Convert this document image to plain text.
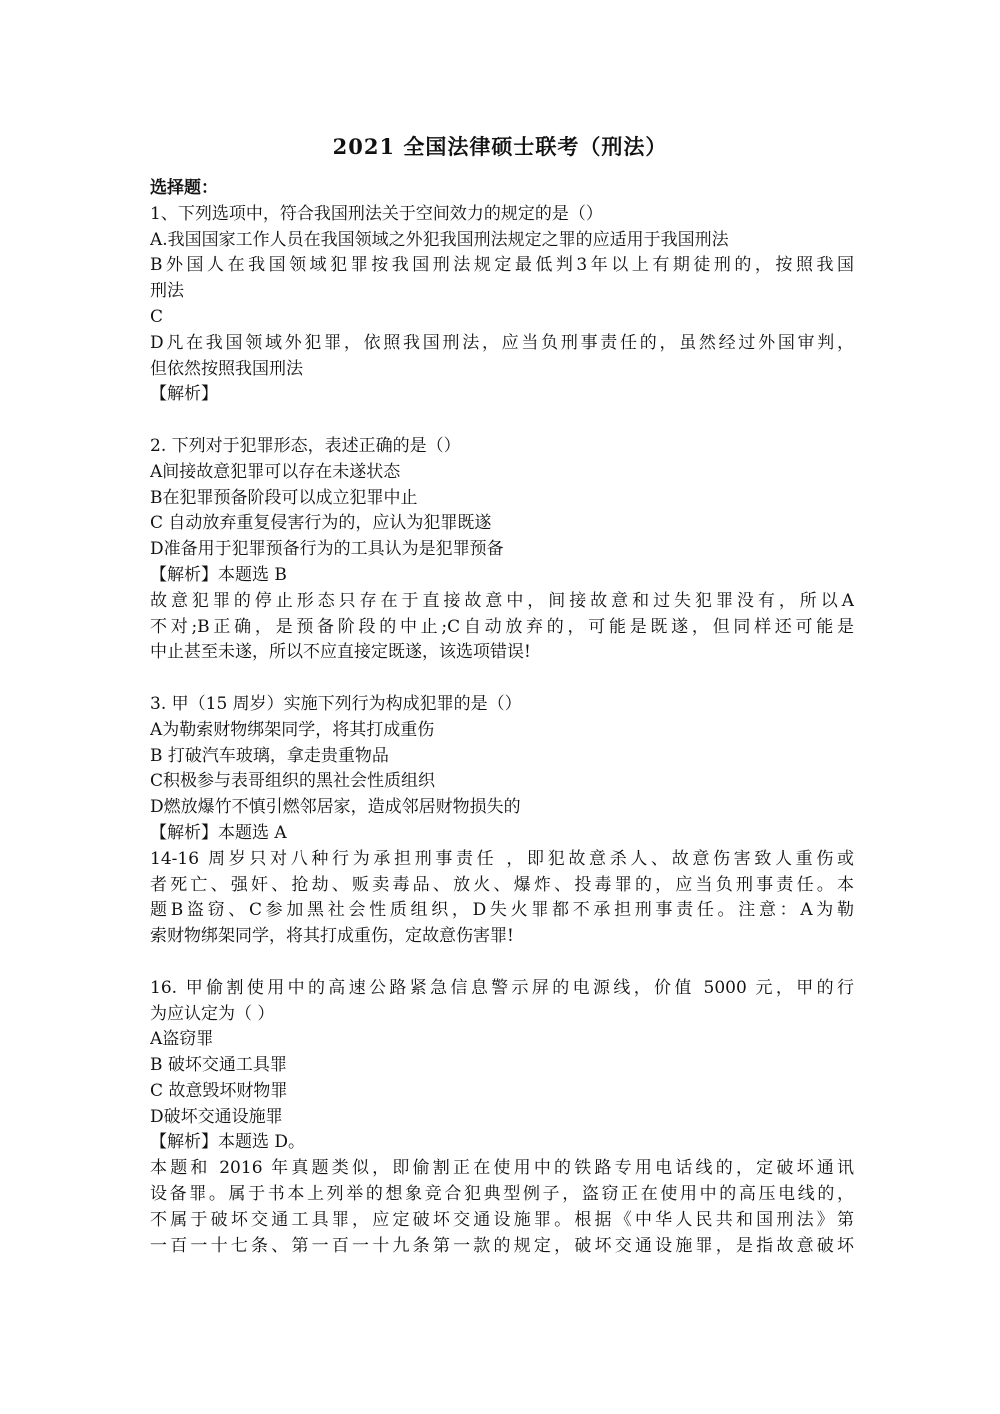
2021 全国法律硕士联考（刑法）
选择题：
1、下列选项中，符合我国刑法关于空间效力的规定的是（）
A.我国国家工作人员在我国领域之外犯我国刑法规定之罪的应适用于我国刑法
B外国人在我国领域犯罪按我国刑法规定最低判3年以上有期徒刑的，按照我国
刑法
C
D凡在我国领域外犯罪，依照我国刑法，应当负刑事责任的，虽然经过外国审判，
但依然按照我国刑法
【解析】
2. 下列对于犯罪形态，表述正确的是（）
A间接故意犯罪可以存在未遂状态
B在犯罪预备阶段可以成立犯罪中止
C 自动放弃重复侵害行为的，应认为犯罪既遂
D准备用于犯罪预备行为的工具认为是犯罪预备
【解析】本题选 B
故意犯罪的停止形态只存在于直接故意中，间接故意和过失犯罪没有，所以A
不对;B正确，是预备阶段的中止;C自动放弃的，可能是既遂，但同样还可能是
中止甚至未遂，所以不应直接定既遂，该选项错误!
3. 甲（15 周岁）实施下列行为构成犯罪的是（）
A为勒索财物绑架同学，将其打成重伤
B 打破汽车玻璃，拿走贵重物品
C积极参与表哥组织的黑社会性质组织
D燃放爆竹不慎引燃邻居家，造成邻居财物损失的
【解析】本题选 A
14-16 周岁只对八种行为承担刑事责任 ，即犯故意杀人、故意伤害致人重伤或
者死亡、强奸、抢劫、贩卖毒品、放火、爆炸、投毒罪的，应当负刑事责任。本
题B盗窃、C参加黑社会性质组织，D失火罪都不承担刑事责任。注意：A为勒
索财物绑架同学，将其打成重伤，定故意伤害罪!
16. 甲偷割使用中的高速公路紧急信息警示屏的电源线，价值 5000 元，甲的行
为应认定为（ ）
A盗窃罪
B 破坏交通工具罪
C 故意毁坏财物罪
D破坏交通设施罪
【解析】本题选 D。
本题和 2016 年真题类似，即偷割正在使用中的铁路专用电话线的，定破坏通讯
设备罪。属于书本上列举的想象竞合犯典型例子，盗窃正在使用中的高压电线的，
不属于破坏交通工具罪，应定破坏交通设施罪。根据《中华人民共和国刑法》第
一百一十七条、第一百一十九条第一款的规定，破坏交通设施罪，是指故意破坏
